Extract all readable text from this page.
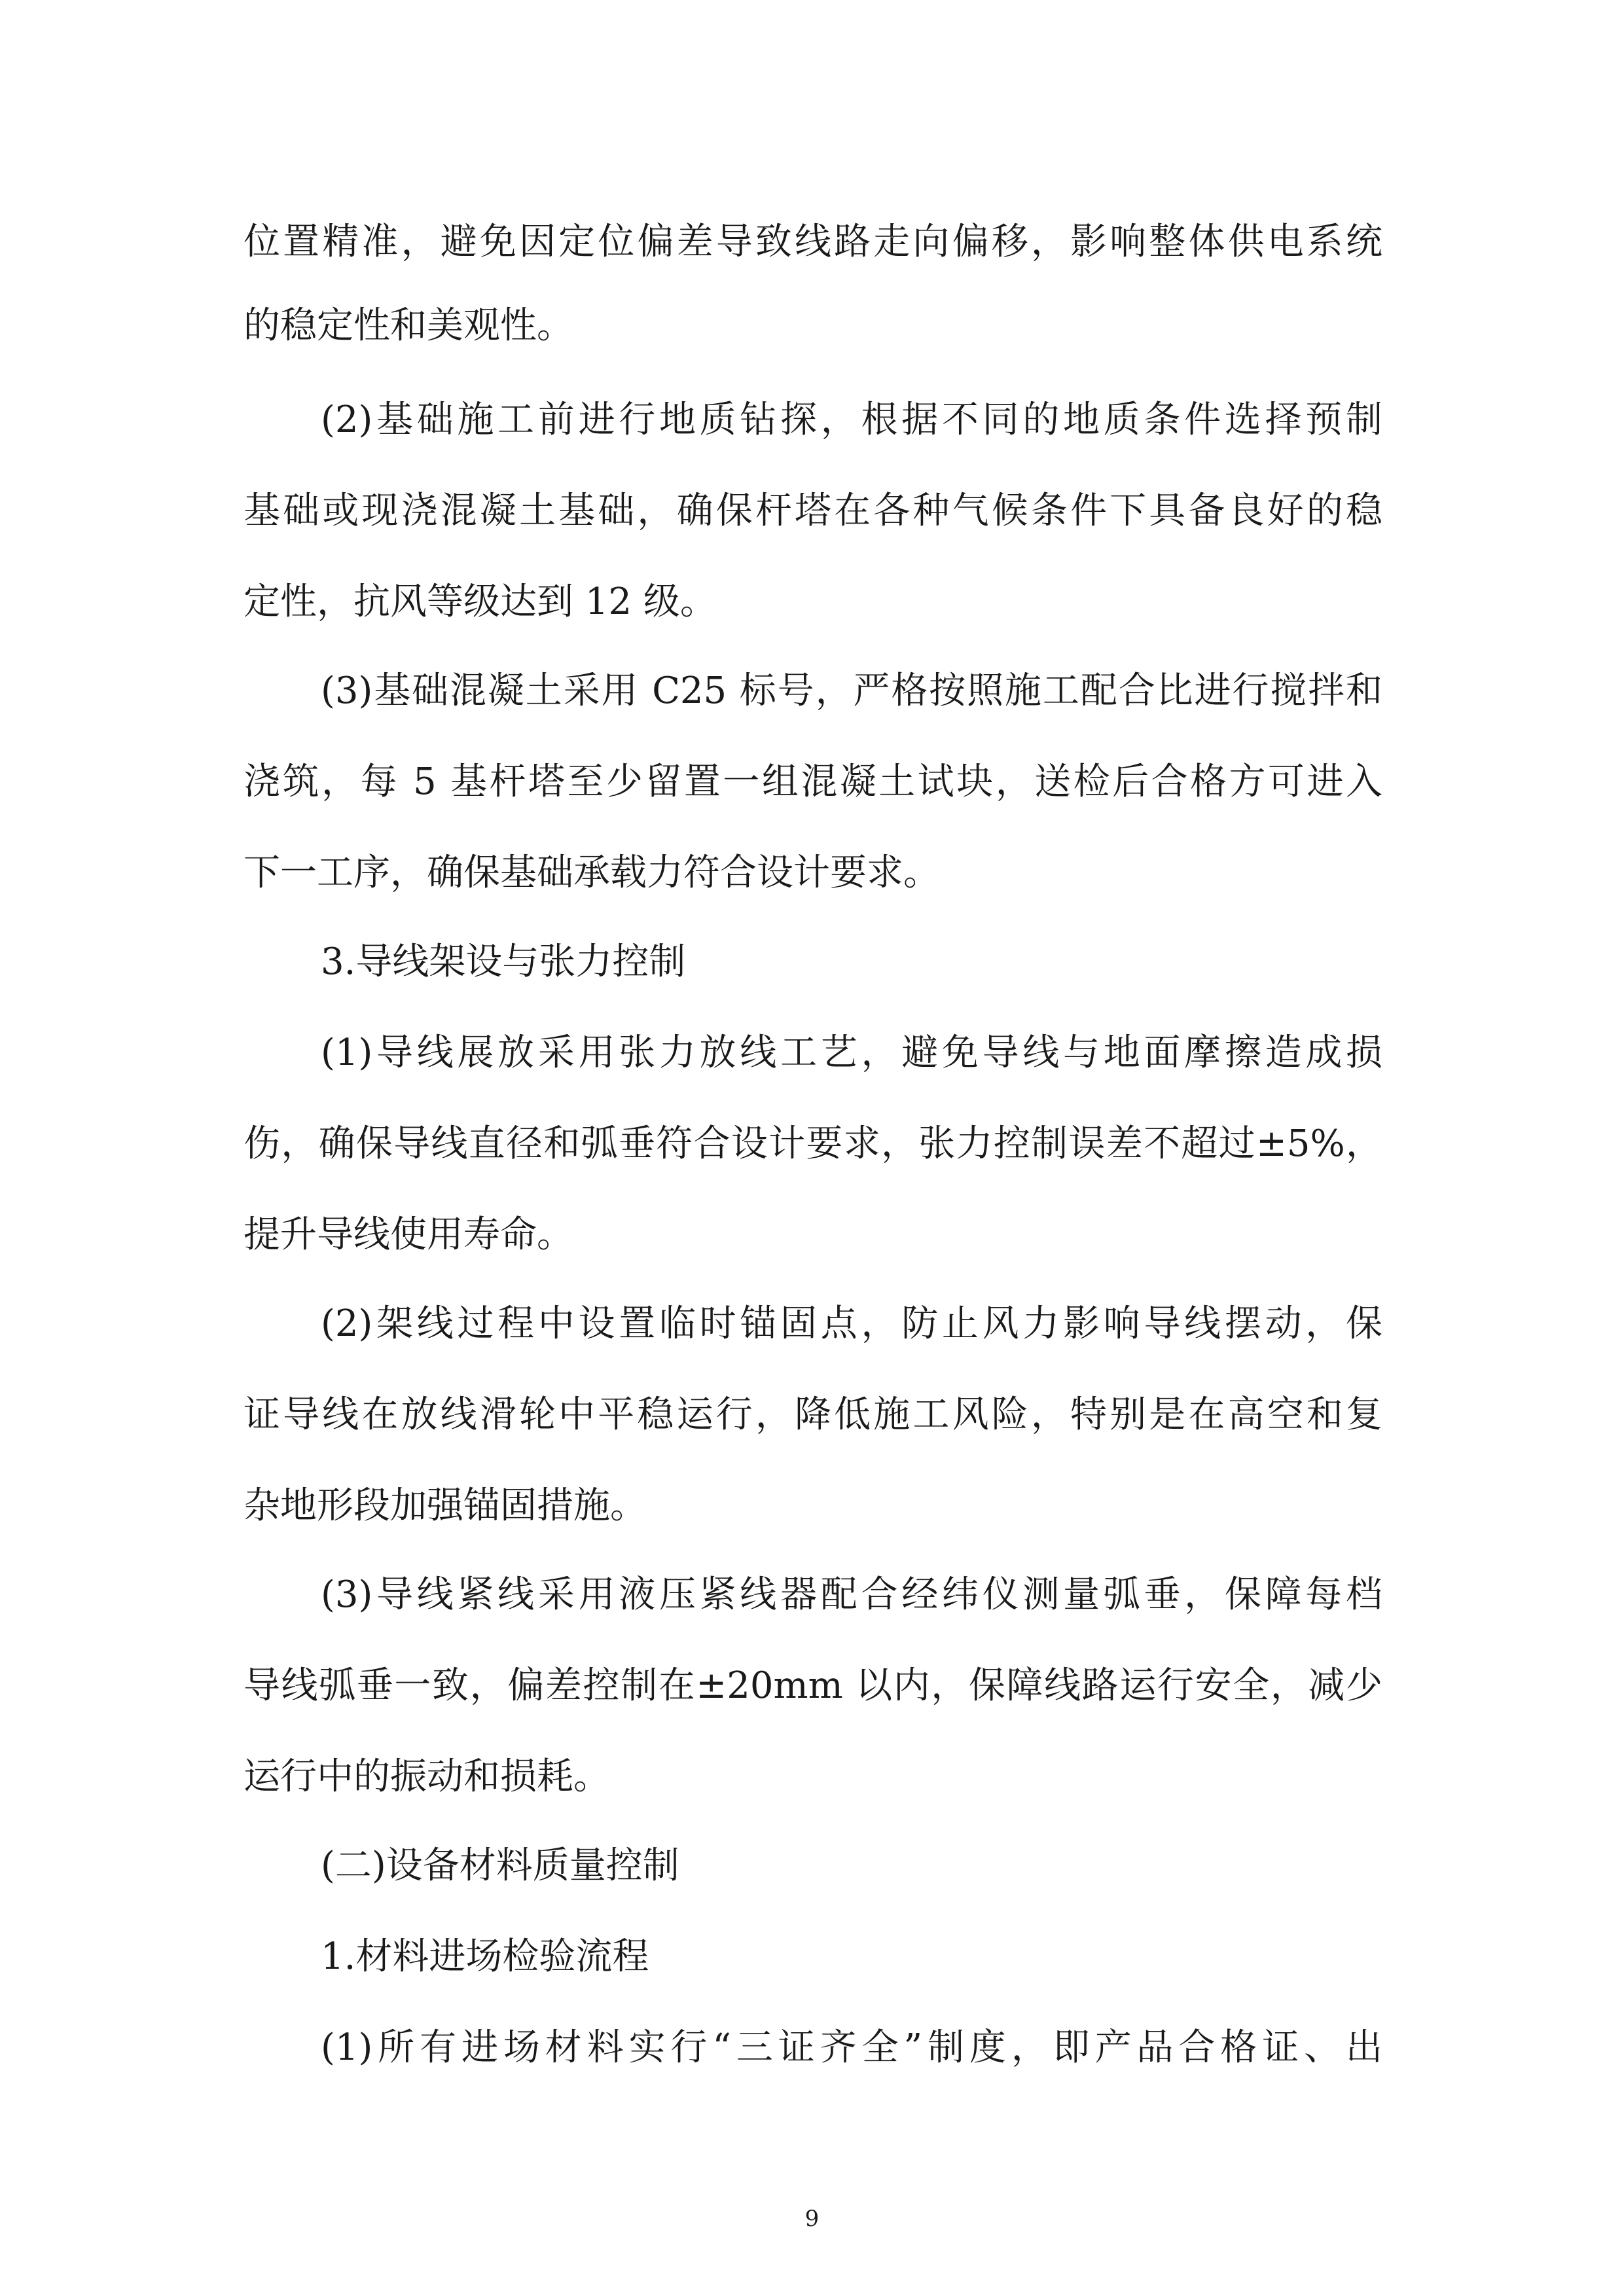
位置精准，避免因定位偏差导致线路走向偏移，影响整体供电系统
的稳定性和美观性。
(2)基础施工前进行地质钻探，根据不同的地质条件选择预制
基础或现浇混凝土基础，确保杆塔在各种气候条件下具备良好的稳
定性，抗风等级达到 12 级。
(3)基础混凝土采用 C25 标号，严格按照施工配合比进行搅拌和
浇筑，每 5 基杆塔至少留置一组混凝土试块，送检后合格方可进入
下一工序，确保基础承载力符合设计要求。
3.导线架设与张力控制
(1)导线展放采用张力放线工艺，避免导线与地面摩擦造成损
伤，确保导线直径和弧垂符合设计要求，张力控制误差不超过±5%，
提升导线使用寿命。
(2)架线过程中设置临时锚固点，防止风力影响导线摆动，保
证导线在放线滑轮中平稳运行，降低施工风险，特别是在高空和复
杂地形段加强锚固措施。
(3)导线紧线采用液压紧线器配合经纬仪测量弧垂，保障每档
导线弧垂一致，偏差控制在±20mm 以内，保障线路运行安全，减少
运行中的振动和损耗。
(二)设备材料质量控制
1.材料进场检验流程
(1)所有进场材料实行“三证齐全”制度，即产品合格证、出
9
